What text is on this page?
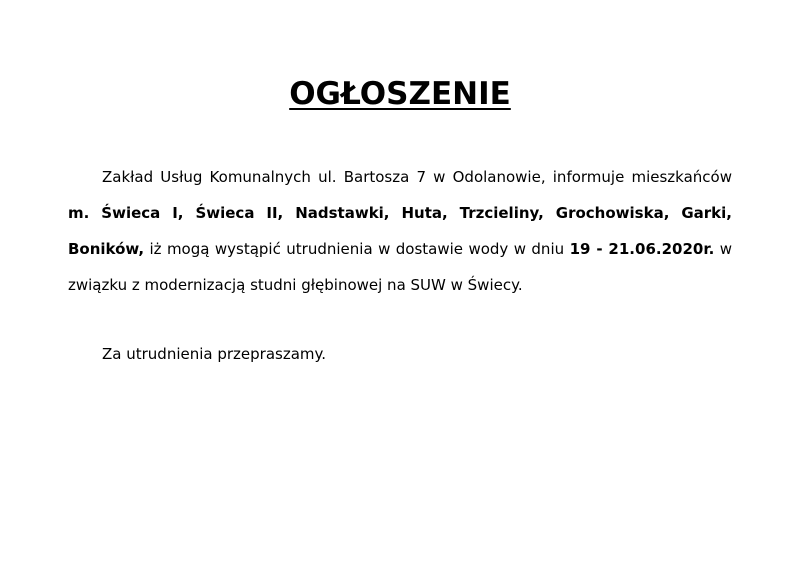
OGŁOSZENIE

Zakład Usług Komunalnych ul. Bartosza 7 w Odolanowie, informuje mieszkańców m. Świeca I, Świeca II, Nadstawki, Huta, Trzcieliny, Grochowiska, Garki, Boników, iż mogą wystąpić utrudnienia w dostawie wody w dniu 19 - 21.06.2020r. w związku z modernizacją studni głębinowej na SUW w Świecy.

Za utrudnienia przepraszamy.
